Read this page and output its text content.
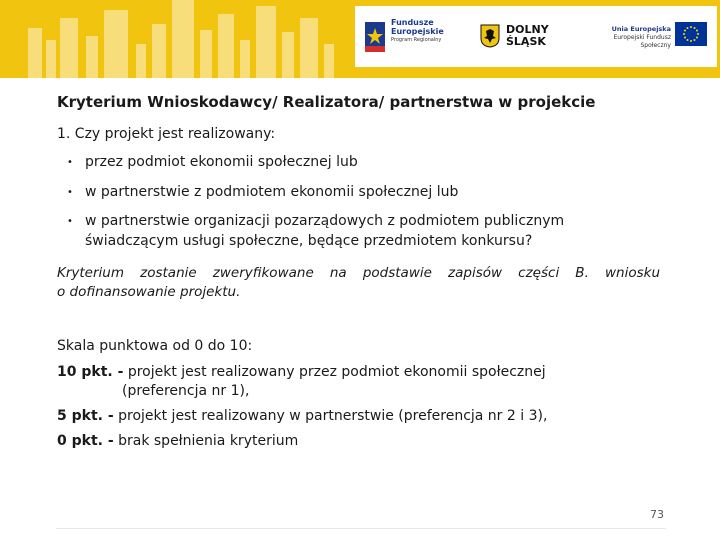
Fundusze
Europejskie
Program Regionalny
DOLNY
ŚLĄSK
Unia Europejska
Europejski Fundusz Społeczny
Kryterium Wnioskodawcy/ Realizatora/ partnerstwa w projekcie
1. Czy projekt jest realizowany:
• przez podmiot ekonomii społecznej lub
• w partnerstwie z podmiotem ekonomii społecznej lub
• w partnerstwie organizacji pozarządowych z podmiotem publicznym
świadczącym usługi społeczne, będące przedmiotem konkursu?
Kryterium zostanie zweryfikowane na podstawie zapisów części B. wniosku
o dofinansowanie projektu.
Skala punktowa od 0 do 10:
10 pkt. - projekt jest realizowany przez podmiot ekonomii społecznej
(preferencja nr 1),
5 pkt. - projekt jest realizowany w partnerstwie (preferencja nr 2 i 3),
0 pkt. - brak spełnienia kryterium
73
